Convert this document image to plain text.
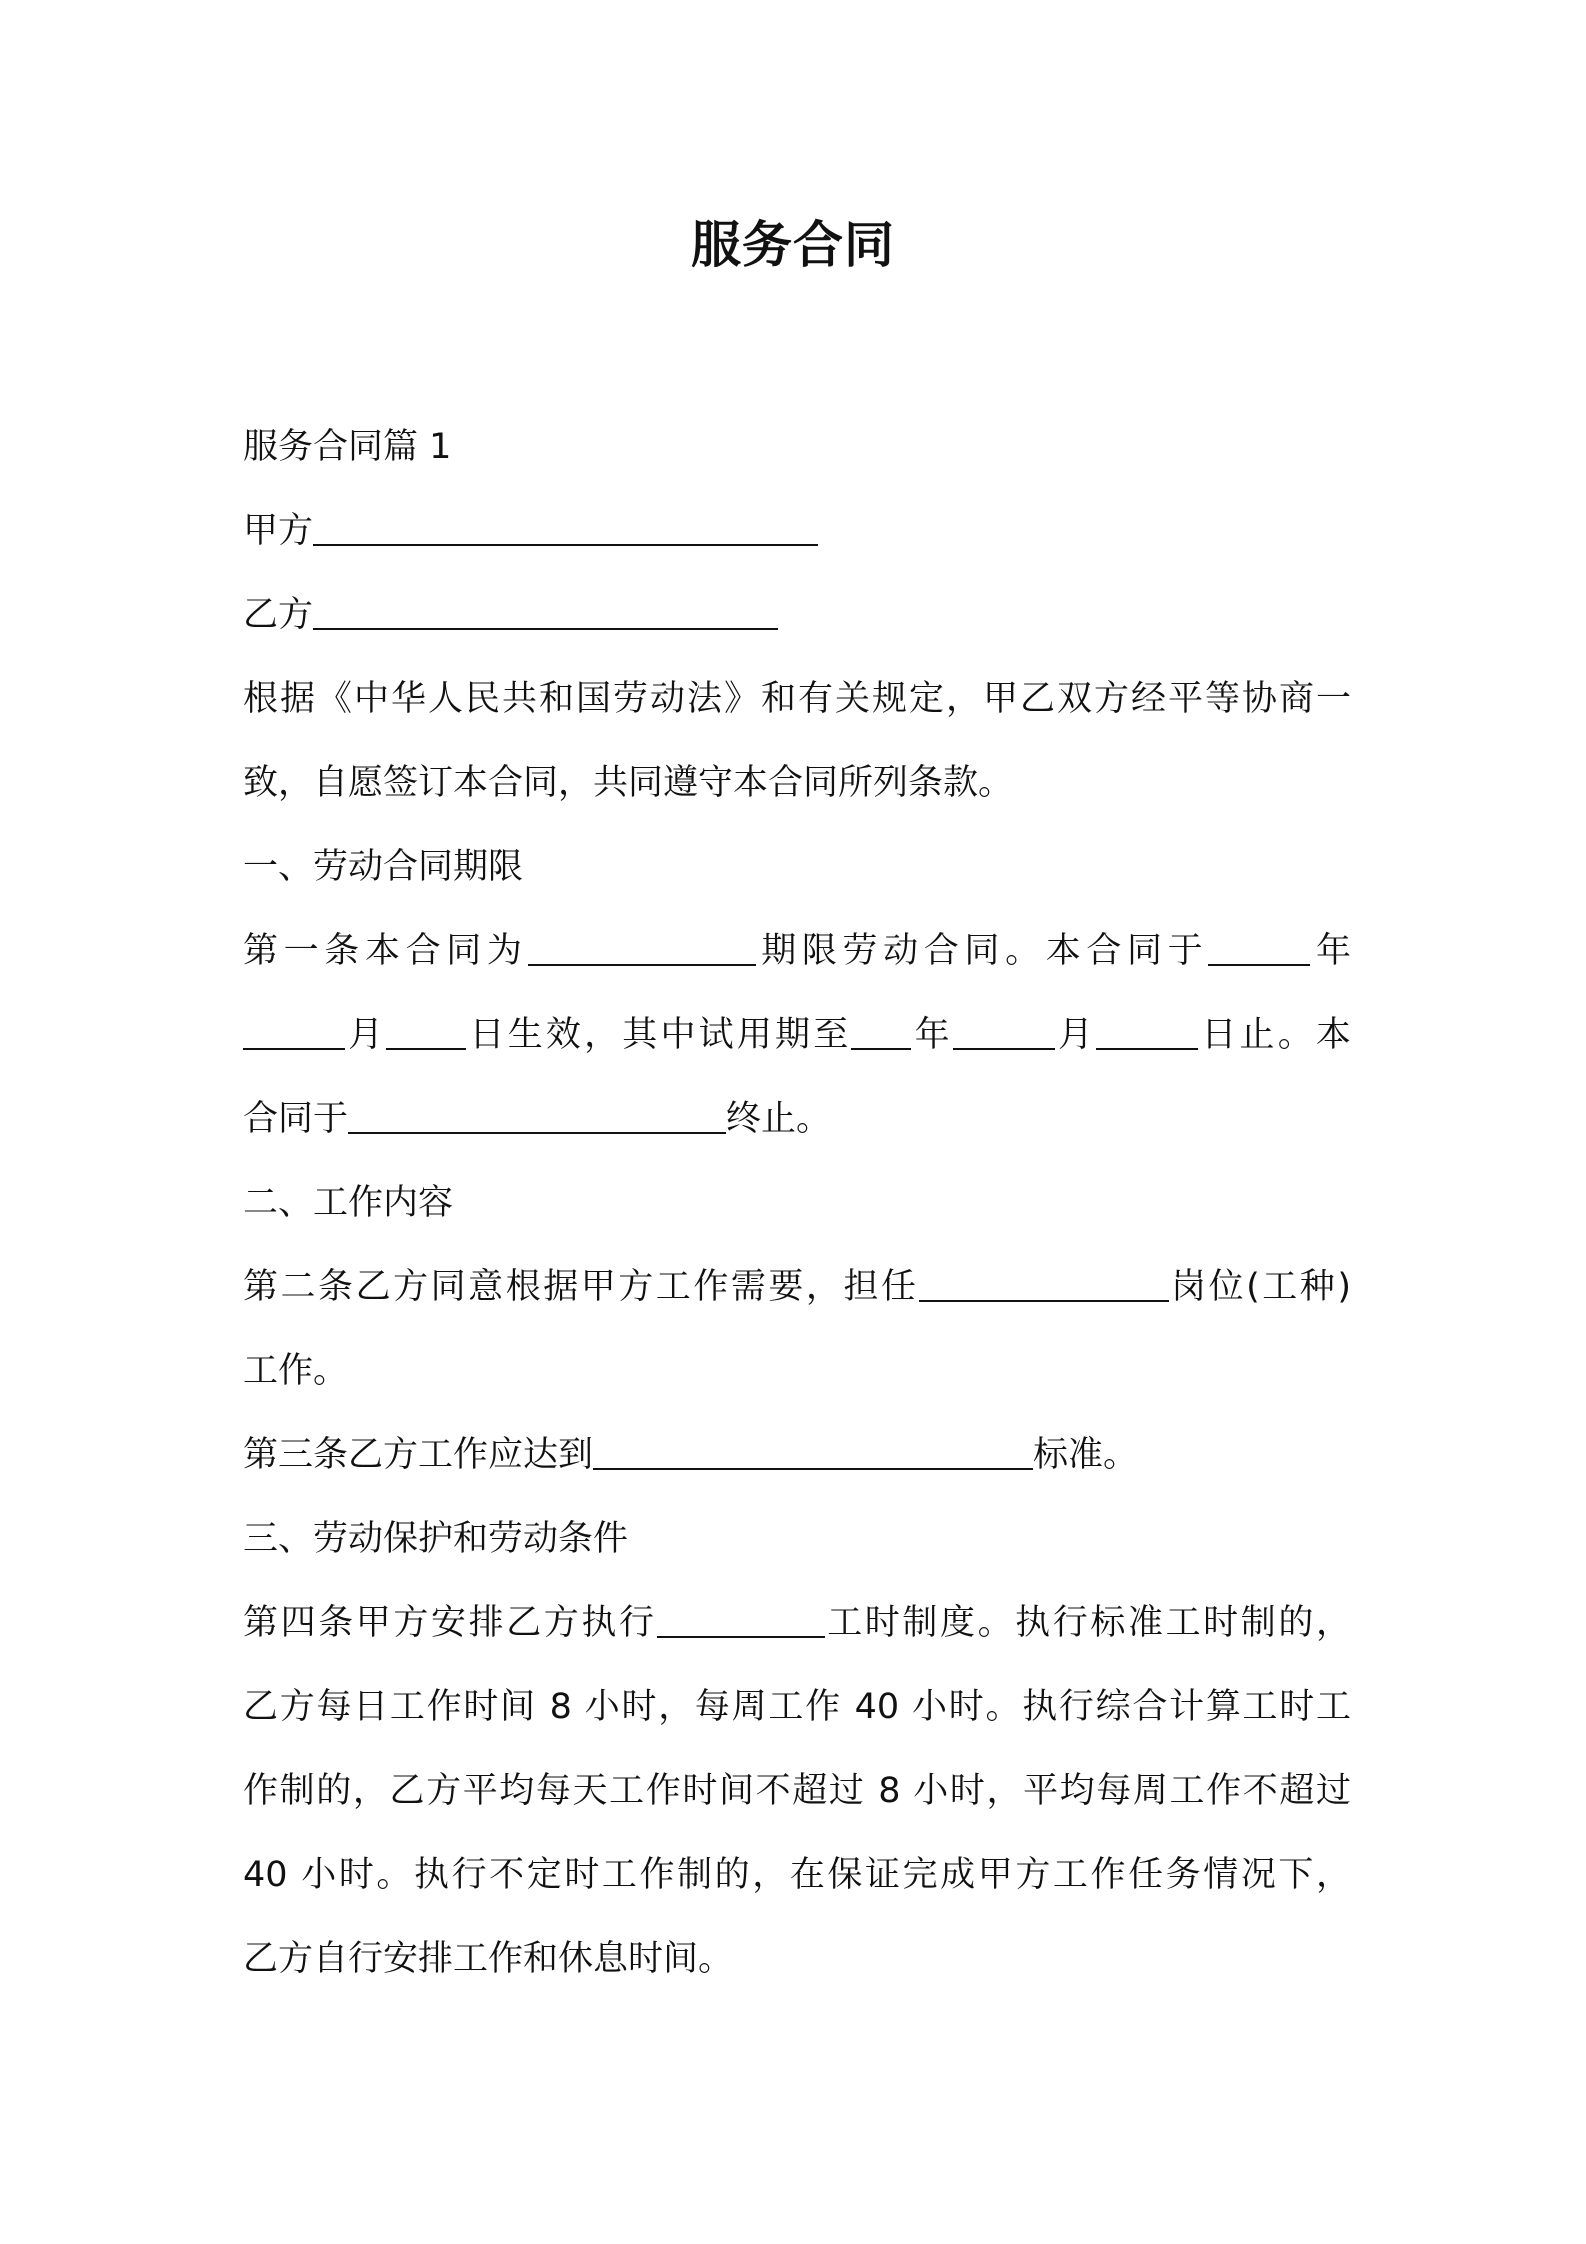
服务合同
服务合同篇 1
甲方
乙方
根据《中华人民共和国劳动法》和有关规定，甲乙双方经平等协商一
致，自愿签订本合同，共同遵守本合同所列条款。
一、劳动合同期限
第一条本合同为	期限劳动合同。本合同于	年
月 日生效，其中试用期至 年	月	日止。本
合同于	终止。
二、工作内容
第二条乙方同意根据甲方工作需要，担任	岗位(工种)
工作。
第三条乙方工作应达到	标准。
三、劳动保护和劳动条件
第四条甲方安排乙方执行	工时制度。执行标准工时制的，
乙方每日工作时间 8 小时，每周工作 40 小时。执行综合计算工时工
作制的，乙方平均每天工作时间不超过 8 小时，平均每周工作不超过
40 小时。执行不定时工作制的，在保证完成甲方工作任务情况下，
乙方自行安排工作和休息时间。
